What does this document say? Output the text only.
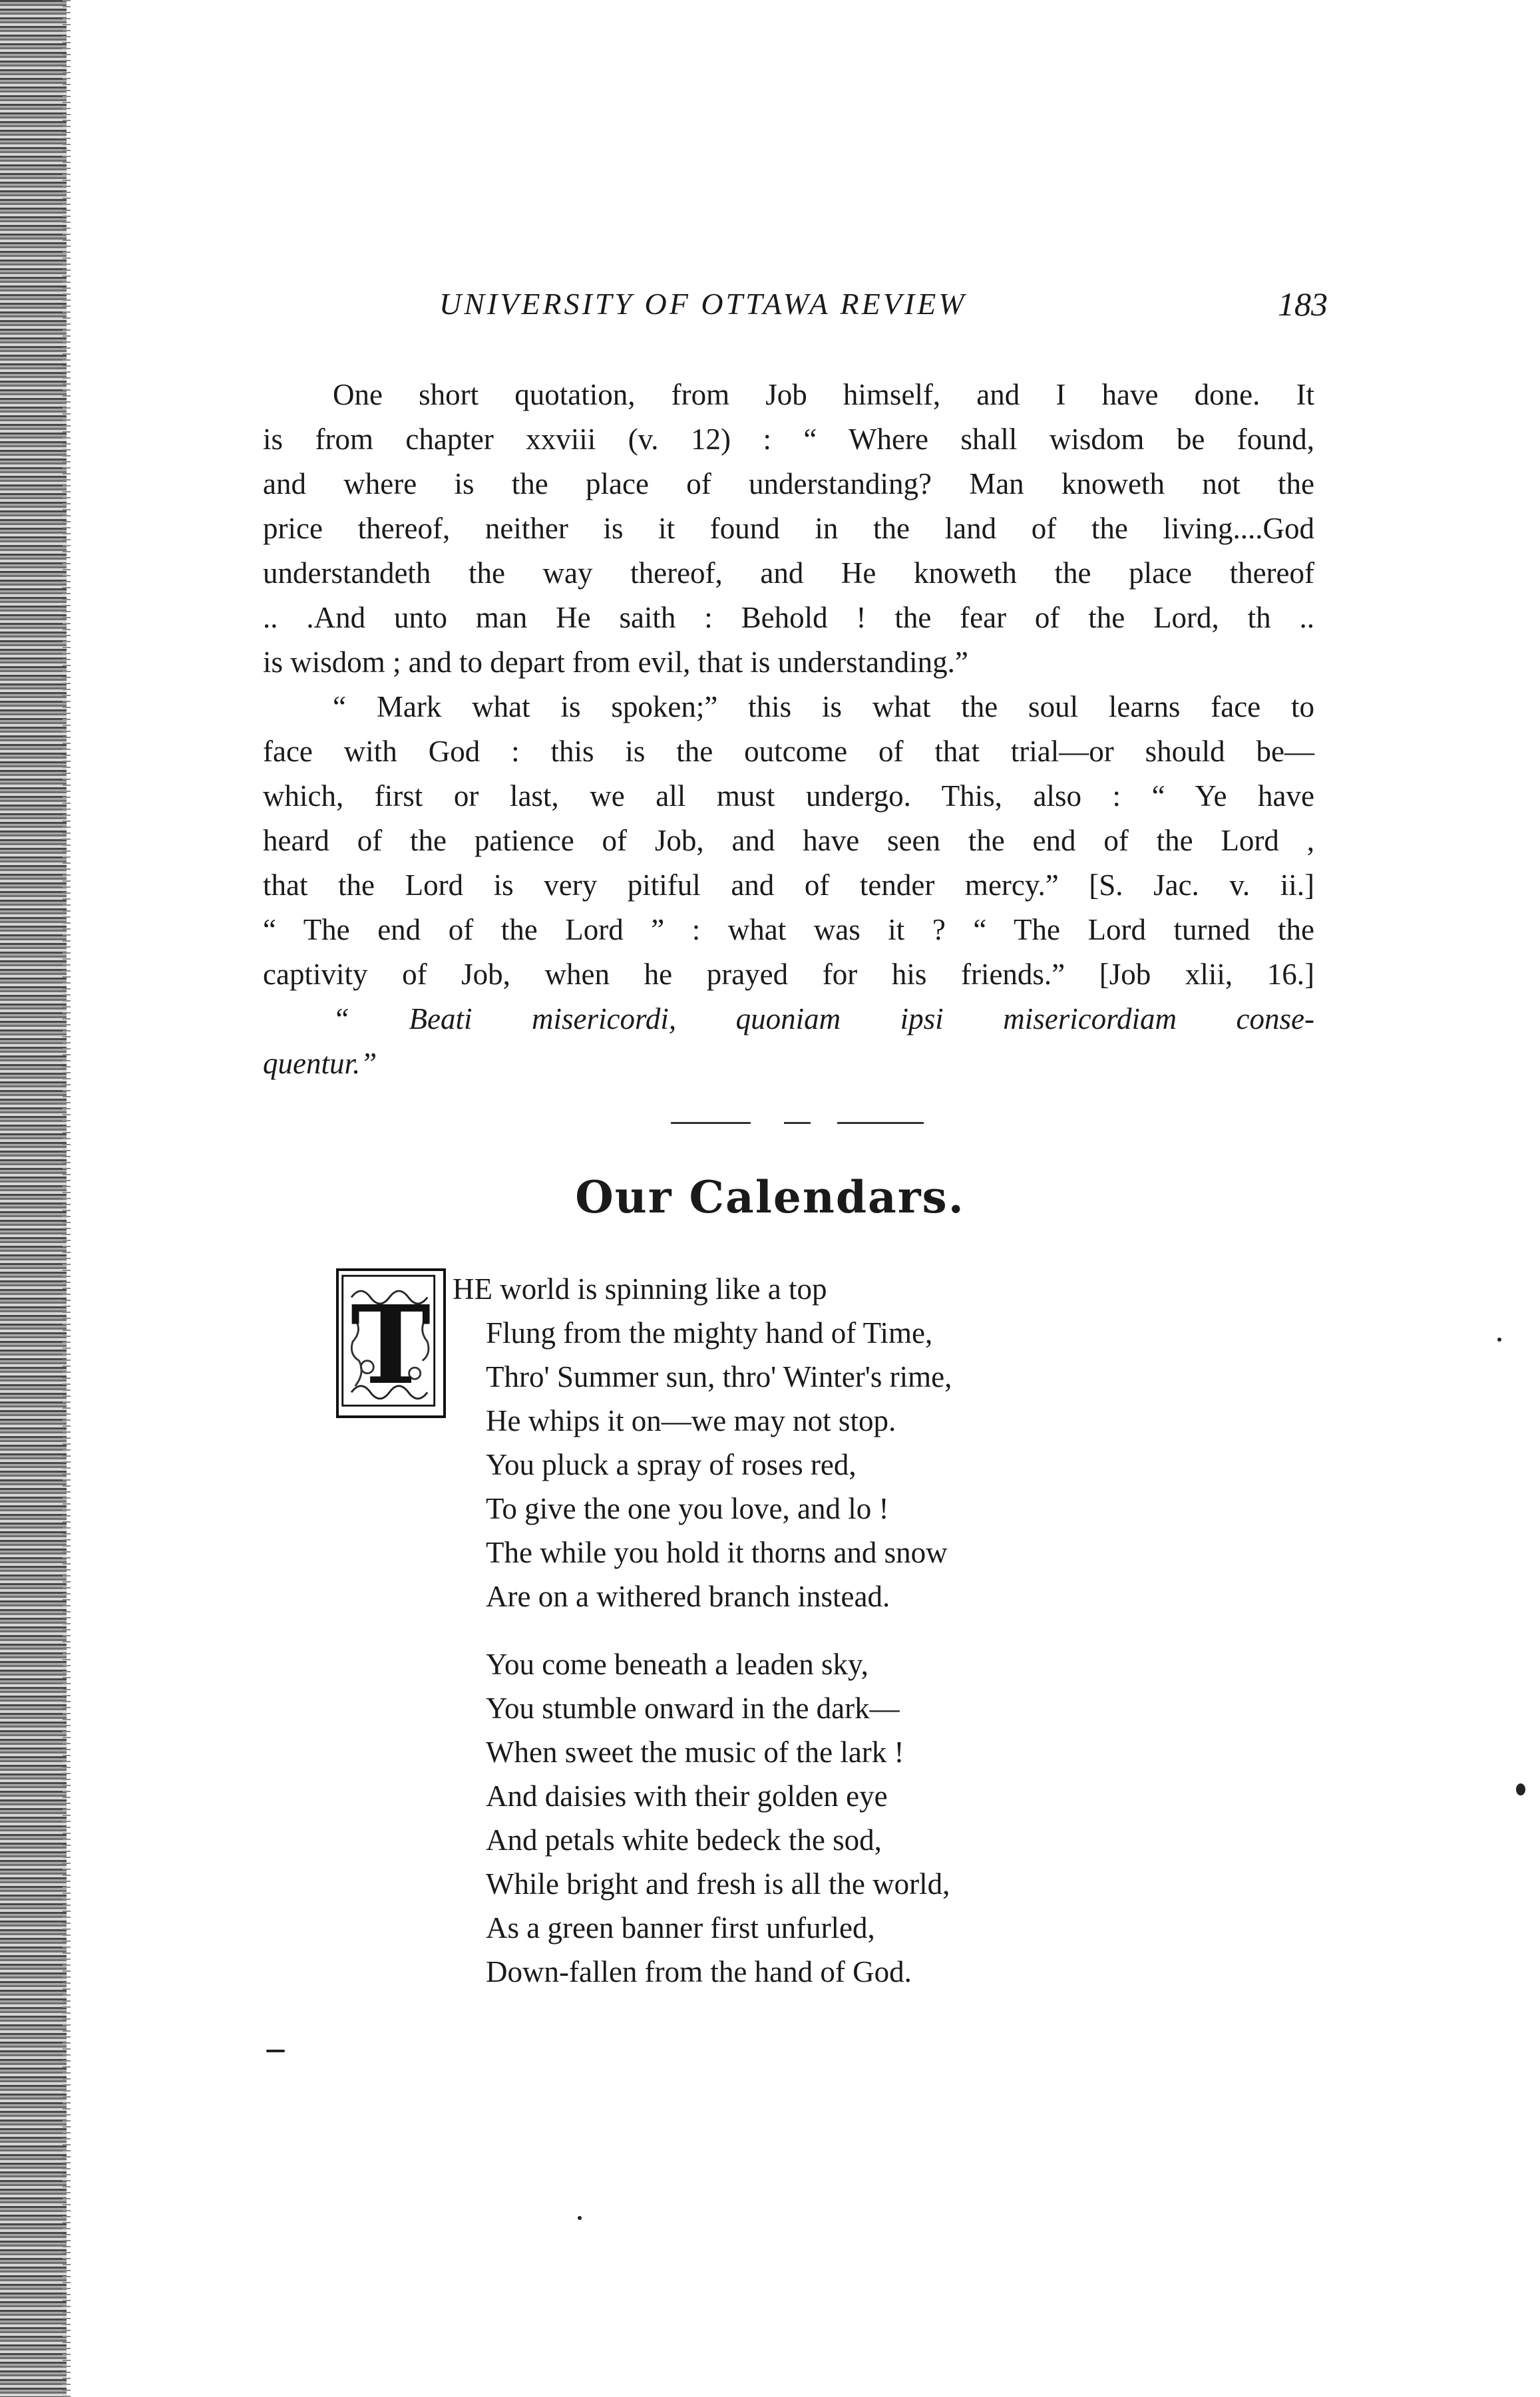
UNIVERSITY OF OTTAWA REVIEW	183
One short quotation, from Job himself, and I have done. It
is from chapter xxviii (v. 12) : “ Where shall wisdom be found,
and where is the place of understanding? Man knoweth not the
price thereof, neither is it found in the land of the living....God
understandeth the way thereof, and He knoweth the place thereof
.. .And unto man He saith : Behold ! the fear of the Lord, th ..
is wisdom ; and to depart from evil, that is understanding.”
“ Mark what is spoken;” this is what the soul learns face to
face with God : this is the outcome of that trial—or should be—
which, first or last, we all must undergo. This, also : “ Ye have
heard of the patience of Job, and have seen the end of the Lord ,
that the Lord is very pitiful and of tender mercy.” [S. Jac. v. ii.]
“ The end of the Lord ” : what was it ? “ The Lord turned the
captivity of Job, when he prayed for his friends.” [Job xlii, 16.]
“ Beati misericordi, quoniam ipsi misericordiam conse-
quentur.”
Our Calendars.
T HE world is spinning like a top
Flung from the mighty hand of Time,
Thro' Summer sun, thro' Winter's rime,
He whips it on—we may not stop.
You pluck a spray of roses red,
To give the one you love, and lo !
The while you hold it thorns and snow
Are on a withered branch instead.
You come beneath a leaden sky,
You stumble onward in the dark—
When sweet the music of the lark !
And daisies with their golden eye
And petals white bedeck the sod,
While bright and fresh is all the world,
As a green banner first unfurled,
Down-fallen from the hand of God.
